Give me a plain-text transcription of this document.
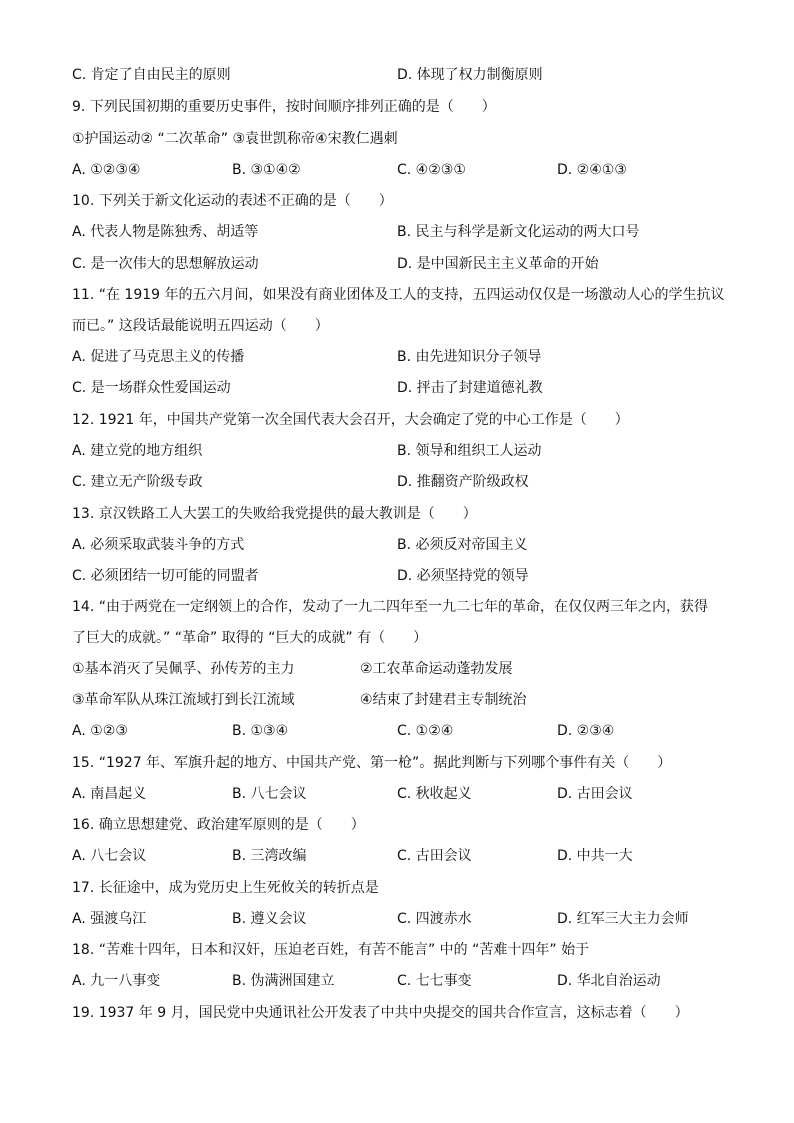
C. 肯定了自由民主的原则	D. 体现了权力制衡原则
9. 下列民国初期的重要历史事件，按时间顺序排列正确的是（　　）
①护国运动② “二次革命” ③袁世凯称帝④宋教仁遇刺
A. ①②③④	B. ③①④②	C. ④②③①	D. ②④①③
10. 下列关于新文化运动的表述不正确的是（　　）
A. 代表人物是陈独秀、胡适等	B. 民主与科学是新文化运动的两大口号
C. 是一次伟大的思想解放运动	D. 是中国新民主主义革命的开始
11. “在 1919 年的五六月间，如果没有商业团体及工人的支持，五四运动仅仅是一场激动人心的学生抗议
而已。” 这段话最能说明五四运动（　　）
A. 促进了马克思主义的传播	B. 由先进知识分子领导
C. 是一场群众性爱国运动	D. 抨击了封建道德礼教
12. 1921 年，中国共产党第一次全国代表大会召开，大会确定了党的中心工作是（　　）
A. 建立党的地方组织	B. 领导和组织工人运动
C. 建立无产阶级专政	D. 推翻资产阶级政权
13. 京汉铁路工人大罢工的失败给我党提供的最大教训是（　　）
A. 必须采取武装斗争的方式	B. 必须反对帝国主义
C. 必须团结一切可能的同盟者	D. 必须坚持党的领导
14. “由于两党在一定纲领上的合作，发动了一九二四年至一九二七年的革命，在仅仅两三年之内，获得
了巨大的成就。” “革命” 取得的 “巨大的成就” 有（　　）
①基本消灭了吴佩孚、孙传芳的主力	②工农革命运动蓬勃发展
③革命军队从珠江流域打到长江流域	④结束了封建君主专制统治
A. ①②③	B. ①③④	C. ①②④	D. ②③④
15. “1927 年、军旗升起的地方、中国共产党、第一枪”。据此判断与下列哪个事件有关（　　）
A. 南昌起义	B. 八七会议	C. 秋收起义	D. 古田会议
16. 确立思想建党、政治建军原则的是（　　）
A. 八七会议	B. 三湾改编	C. 古田会议	D. 中共一大
17. 长征途中，成为党历史上生死攸关的转折点是
A. 强渡乌江	B. 遵义会议	C. 四渡赤水	D. 红军三大主力会师
18. “苦难十四年，日本和汉奸，压迫老百姓，有苦不能言” 中的 “苦难十四年” 始于
A. 九一八事变	B. 伪满洲国建立	C. 七七事变	D. 华北自治运动
19. 1937 年 9 月，国民党中央通讯社公开发表了中共中央提交的国共合作宣言，这标志着（　　）
